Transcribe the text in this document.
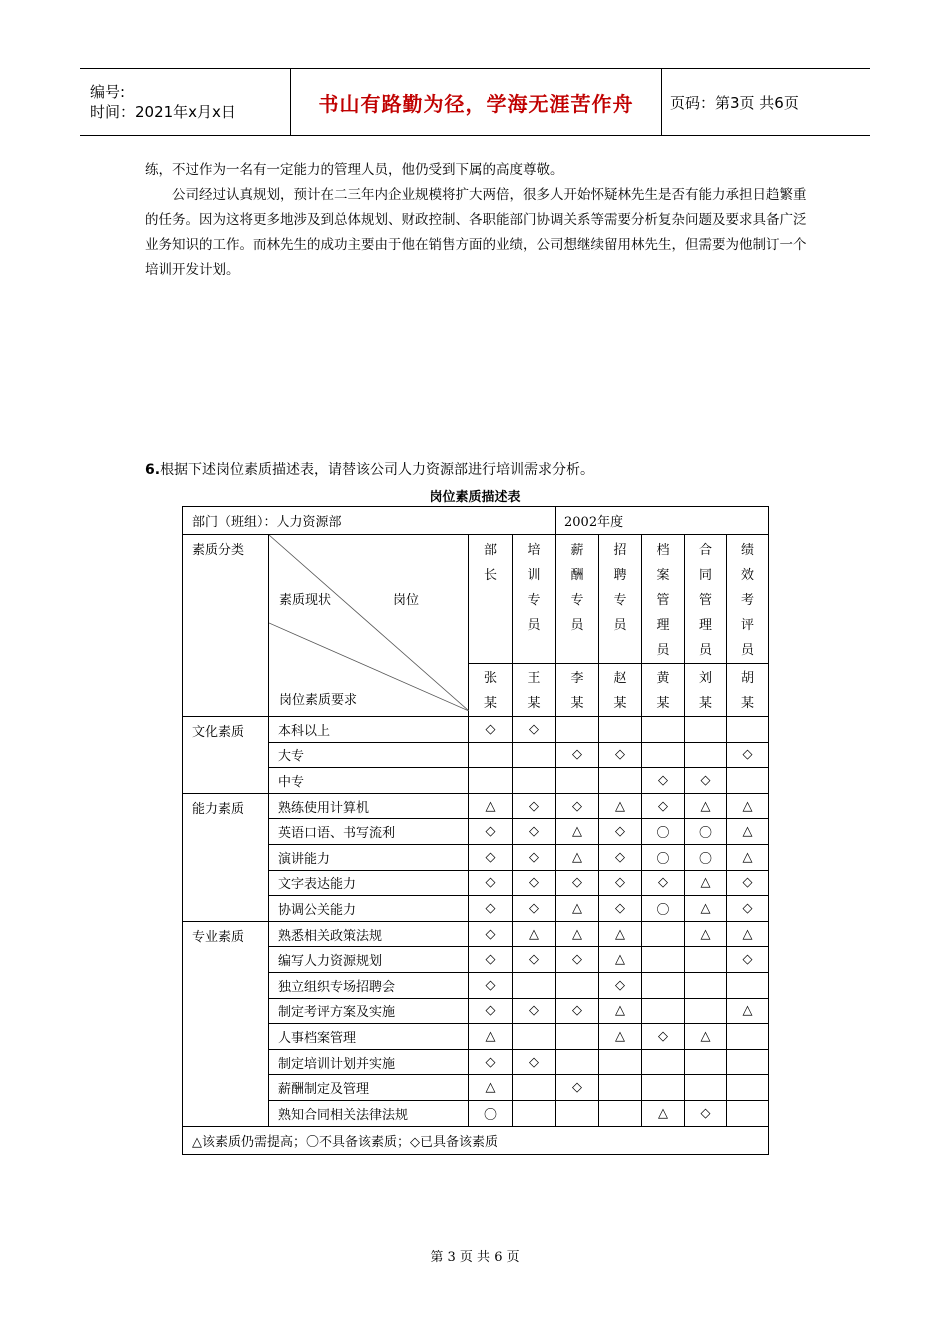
编号:
时间：2021年x月x日	书山有路勤为径，学海无涯苦作舟	页码：第3页 共6页

练，不过作为一名有一定能力的管理人员，他仍受到下属的高度尊敬。

公司经过认真规划，预计在二三年内企业规模将扩大两倍，很多人开始怀疑林先生是否有能力承担日趋繁重的任务。因为这将更多地涉及到总体规划、财政控制、各职能部门协调关系等需要分析复杂问题及要求具备广泛业务知识的工作。而林先生的成功主要由于他在销售方面的业绩，公司想继续留用林先生，但需要为他制订一个培训开发计划。

6.根据下述岗位素质描述表，请替该公司人力资源部进行培训需求分析。
岗位素质描述表
部门（班组）：人力资源部				2002年度				
素质分类	素质现状 岗位
岗位素质要求	部长	培训专员	薪酬专员	招聘专员	档案管理员	合同管理员	绩效考评员
		张某	王某	李某	赵某	黄某	刘某	胡某
文化素质	本科以上	◇	◇					
	大专			◇	◇			◇
	中专					◇	◇	
能力素质	熟练使用计算机	△	◇	◇	△	◇	△	△
	英语口语、书写流利	◇	◇	△	◇	〇	〇	△
	演讲能力	◇	◇	△	◇	〇	〇	△
	文字表达能力	◇	◇	◇	◇	◇	△	◇
	协调公关能力	◇	◇	△	◇	〇	△	◇
专业素质	熟悉相关政策法规	◇	△	△	△		△	△
	编写人力资源规划	◇	◇	◇	△			◇
	独立组织专场招聘会	◇			◇			
	制定考评方案及实施	◇	◇	◇	△			△
	人事档案管理	△			△	◇	△	
	制定培训计划并实施	◇	◇					
	薪酬制定及管理	△		◇				
	熟知合同相关法律法规	〇				△	◇	
△该素质仍需提高；〇不具备该素质；◇已具备该素质								
第 3 页 共 6 页
